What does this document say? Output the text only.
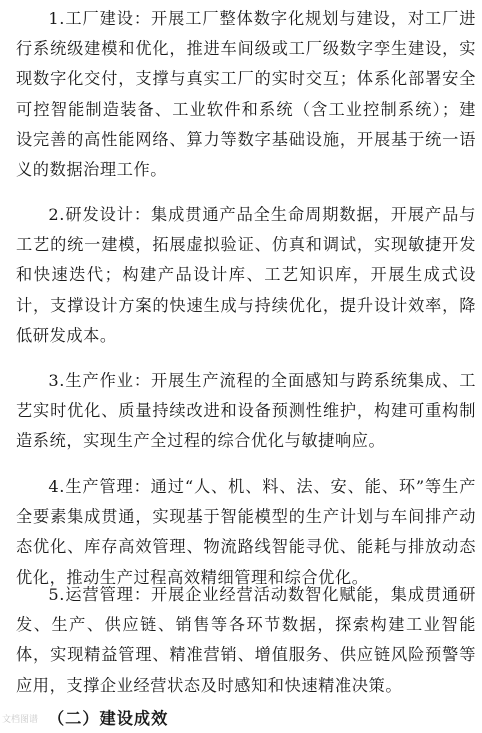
1.工厂建设：开展工厂整体数字化规划与建设，对工厂进行系统级建模和优化，推进车间级或工厂级数字孪生建设，实现数字化交付，支撑与真实工厂的实时交互；体系化部署安全可控智能制造装备、工业软件和系统（含工业控制系统）；建设完善的高性能网络、算力等数字基础设施，开展基于统一语义的数据治理工作。

2.研发设计：集成贯通产品全生命周期数据，开展产品与工艺的统一建模，拓展虚拟验证、仿真和调试，实现敏捷开发和快速迭代；构建产品设计库、工艺知识库，开展生成式设计，支撑设计方案的快速生成与持续优化，提升设计效率，降低研发成本。

3.生产作业：开展生产流程的全面感知与跨系统集成、工艺实时优化、质量持续改进和设备预测性维护，构建可重构制造系统，实现生产全过程的综合优化与敏捷响应。

4.生产管理：通过“人、机、料、法、安、能、环”等生产全要素集成贯通，实现基于智能模型的生产计划与车间排产动态优化、库存高效管理、物流路线智能寻优、能耗与排放动态优化，推动生产过程高效精细管理和综合优化。

5.运营管理：开展企业经营活动数智化赋能，集成贯通研发、生产、供应链、销售等各环节数据，探索构建工业智能体，实现精益管理、精准营销、增值服务、供应链风险预警等应用，支撑企业经营状态及时感知和快速精准决策。

文档图谱 （二）建设成效
